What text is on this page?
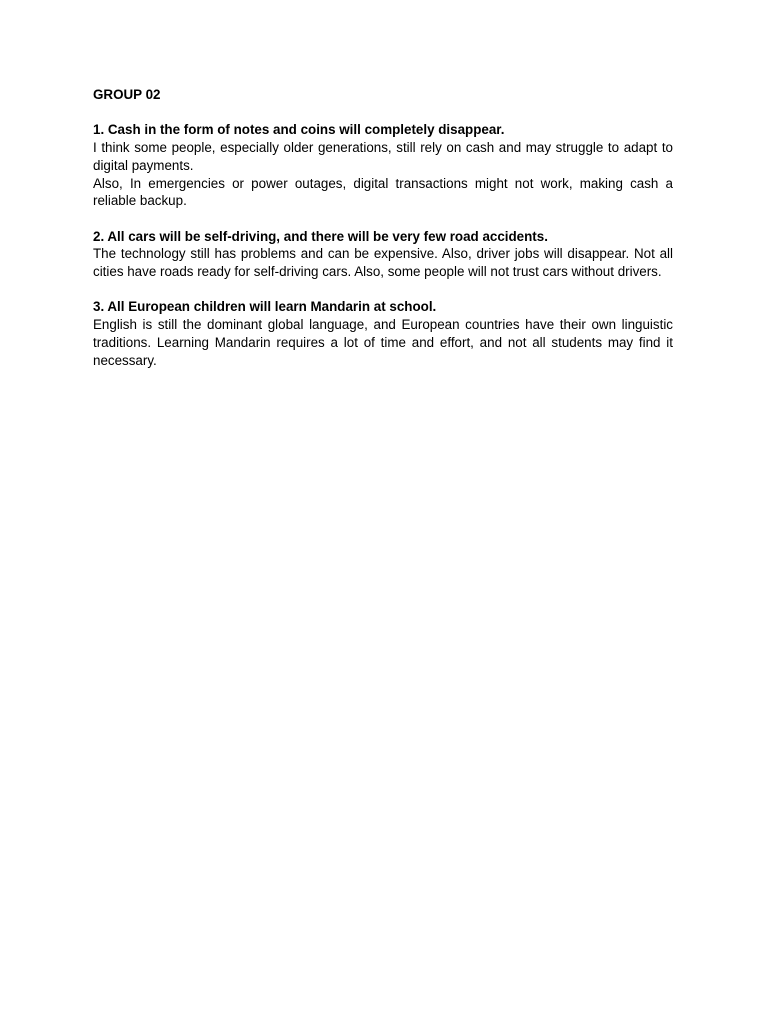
GROUP 02

1. Cash in the form of notes and coins will completely disappear.

I think some people, especially older generations, still rely on cash and may struggle to adapt to digital payments.

Also, In emergencies or power outages, digital transactions might not work, making cash a reliable backup.

2. All cars will be self-driving, and there will be very few road accidents.

The technology still has problems and can be expensive. Also, driver jobs will disappear. Not all cities have roads ready for self-driving cars. Also, some people will not trust cars without drivers.

3. All European children will learn Mandarin at school.

English is still the dominant global language, and European countries have their own linguistic traditions. Learning Mandarin requires a lot of time and effort, and not all students may find it necessary.
